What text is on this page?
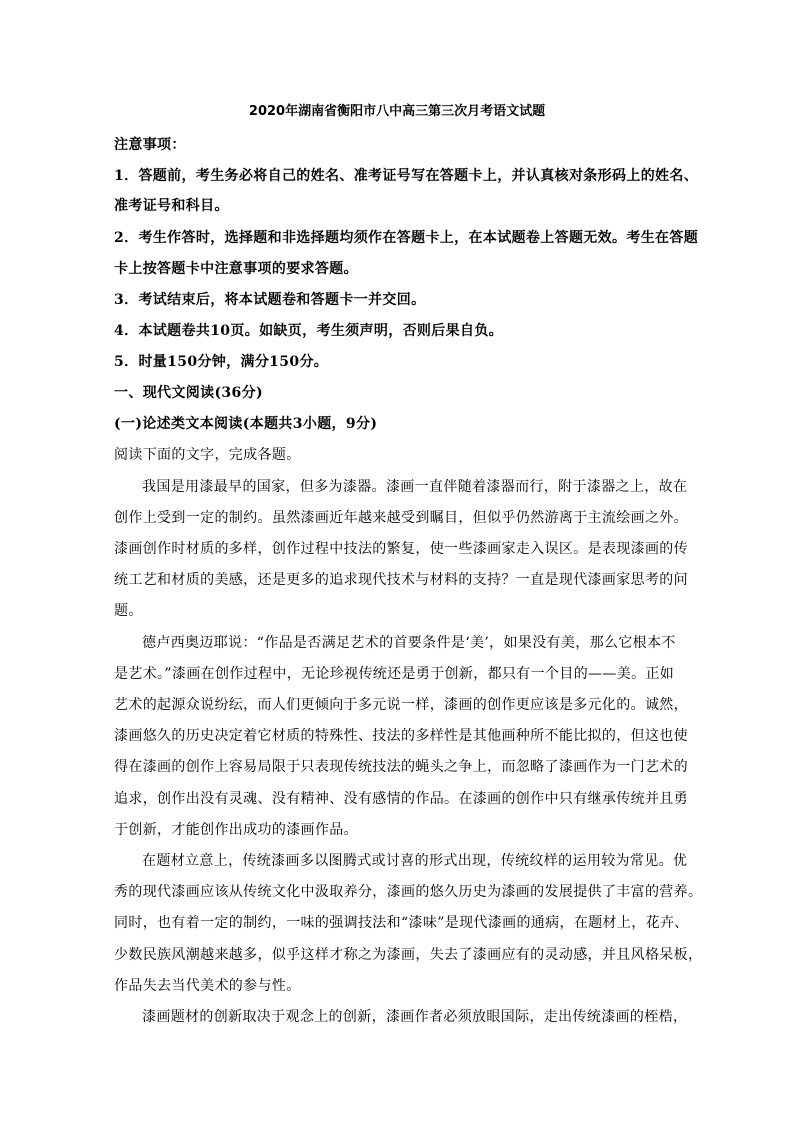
2020年湖南省衡阳市八中高三第三次月考语文试题
注意事项：
1．答题前，考生务必将自己的姓名、准考证号写在答题卡上，并认真核对条形码上的姓名、
准考证号和科目。
2．考生作答时，选择题和非选择题均须作在答题卡上，在本试题卷上答题无效。考生在答题
卡上按答题卡中注意事项的要求答题。
3．考试结束后，将本试题卷和答题卡一并交回。
4．本试题卷共10页。如缺页，考生须声明，否则后果自负。
5．时量150分钟，满分150分。
一、现代文阅读(36分)
(一)论述类文本阅读(本题共3小题，9分)
阅读下面的文字，完成各题。
我国是用漆最早的国家，但多为漆器。漆画一直伴随着漆器而行，附于漆器之上，故在
创作上受到一定的制约。虽然漆画近年越来越受到瞩目，但似乎仍然游离于主流绘画之外。
漆画创作时材质的多样，创作过程中技法的繁复，使一些漆画家走入误区。是表现漆画的传
统工艺和材质的美感，还是更多的追求现代技术与材料的支持？一直是现代漆画家思考的问
题。
德卢西奥迈耶说：“作品是否满足艺术的首要条件是‘美’，如果没有美，那么它根本不
是艺术。”漆画在创作过程中，无论珍视传统还是勇于创新，都只有一个目的——美。正如
艺术的起源众说纷纭，而人们更倾向于多元说一样，漆画的创作更应该是多元化的。诚然，
漆画悠久的历史决定着它材质的特殊性、技法的多样性是其他画种所不能比拟的，但这也使
得在漆画的创作上容易局限于只表现传统技法的蝇头之争上，而忽略了漆画作为一门艺术的
追求，创作出没有灵魂、没有精神、没有感情的作品。在漆画的创作中只有继承传统并且勇
于创新，才能创作出成功的漆画作品。
在题材立意上，传统漆画多以图腾式或讨喜的形式出现，传统纹样的运用较为常见。优
秀的现代漆画应该从传统文化中汲取养分，漆画的悠久历史为漆画的发展提供了丰富的营养。
同时，也有着一定的制约，一味的强调技法和“漆味”是现代漆画的通病，在题材上，花卉、
少数民族风潮越来越多，似乎这样才称之为漆画，失去了漆画应有的灵动感，并且风格呆板，
作品失去当代美术的参与性。
漆画题材的创新取决于观念上的创新，漆画作者必须放眼国际，走出传统漆画的桎梏，
